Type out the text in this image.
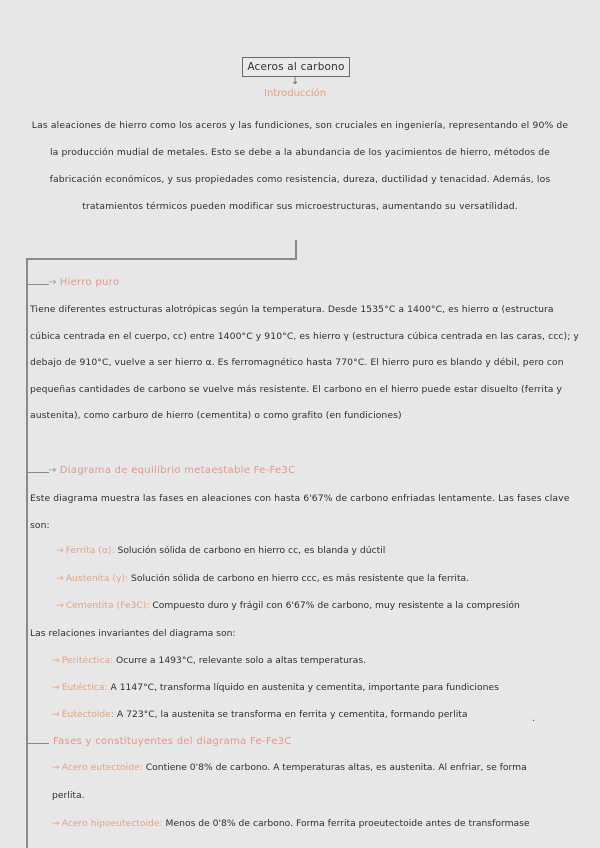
Aceros al carbono
↓
Introducción
Las aleaciones de hierro como los aceros y las fundiciones, son cruciales en ingeniería, representando el 90% de la producción mudial de metales. Esto se debe a la abundancia de los yacimientos de hierro, métodos de fabricación económicos, y sus propiedades como resistencia, dureza, ductilidad y tenacidad. Además, los tratamientos térmicos pueden modificar sus microestructuras, aumentando su versatilidad.
→ Hierro puro
Tiene diferentes estructuras alotrópicas según la temperatura. Desde 1535°C a 1400°C, es hierro α (estructura cúbica centrada en el cuerpo, cc) entre 1400°C y 910°C, es hierro γ (estructura cúbica centrada en las caras, ccc); y debajo de 910°C, vuelve a ser hierro α. Es ferromagnético hasta 770°C. El hierro puro es blando y débil, pero con pequeñas cantidades de carbono se vuelve más resistente. El carbono en el hierro puede estar disuelto (ferrita y austenita), como carburo de hierro (cementita) o como grafito (en fundiciones)
→ Diagrama de equilibrio metaestable Fe-Fe3C
Este diagrama muestra las fases en aleaciones con hasta 6'67% de carbono enfriadas lentamente. Las fases clave son:
→ Ferrita (α): Solución sólida de carbono en hierro cc, es blanda y dúctil
→ Austenita (γ): Solución sólida de carbono en hierro ccc, es más resistente que la ferrita.
→ Cementita (Fe3C): Compuesto duro y frágil con 6'67% de carbono, muy resistente a la compresión
Las relaciones invariantes del diagrama son:
→ Peritéctica: Ocurre a 1493°C, relevante solo a altas temperaturas.
→ Eutéctica: A 1147°C, transforma líquido en austenita y cementita, importante para fundiciones
→ Eutectoide: A 723°C, la austenita se transforma en ferrita y cementita, formando perlita	.
Fases y constituyentes del diagrama Fe-Fe3C
→ Acero eutectoide: Contiene 0'8% de carbono. A temperaturas altas, es austenita. Al enfriar, se forma
perlita.
→ Acero hipoeutectoide: Menos de 0'8% de carbono. Forma ferrita proeutectoide antes de transformase
